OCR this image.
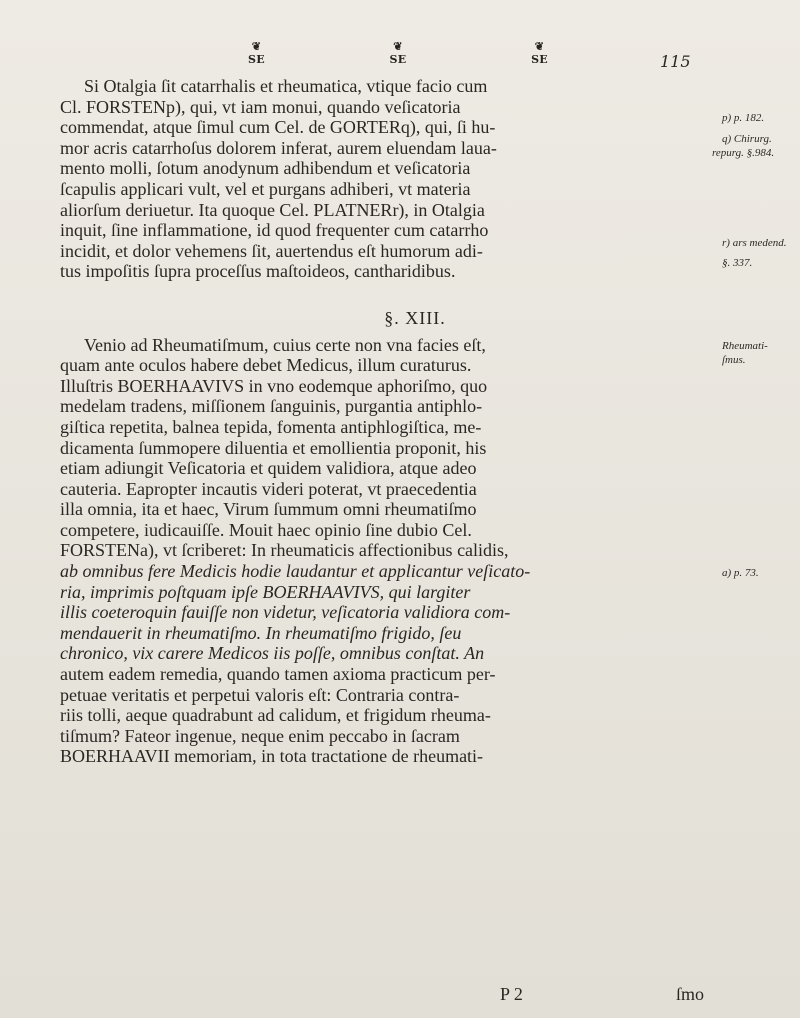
❦
SE
❦
SE
❦
SE	115
Si Otalgia ſit catarrhalis et rheumatica, vtique facio cum
Cl. FORSTENp), qui, vt iam monui, quando veſicatoria
commendat, atque ſimul cum Cel. de GORTERq), qui, ſi hu-
mor acris catarrhoſus dolorem inferat, aurem eluendam laua-
mento molli, ſotum anodynum adhibendum et veſicatoria
ſcapulis applicari vult, vel et purgans adhiberi, vt materia
aliorſum deriuetur. Ita quoque Cel. PLATNERr), in Otalgia
inquit, ſine inflammatione, id quod frequenter cum catarrho
incidit, et dolor vehemens ſit, auertendus eſt humorum adi-
tus impoſitis ſupra proceſſus maſtoideos, cantharidibus.
§. XIII.
Venio ad Rheumatiſmum, cuius certe non vna facies eſt,
quam ante oculos habere debet Medicus, illum curaturus.
Illuſtris BOERHAAVIVS in vno eodemque aphoriſmo, quo
medelam tradens, miſſionem ſanguinis, purgantia antiphlo-
giſtica repetita, balnea tepida, fomenta antiphlogiſtica, me-
dicamenta ſummopere diluentia et emollientia proponit, his
etiam adiungit Veſicatoria et quidem validiora, atque adeo
cauteria. Eapropter incautis videri poterat, vt praecedentia
illa omnia, ita et haec, Virum ſummum omni rheumatiſmo
competere, iudicauiſſe. Mouit haec opinio ſine dubio Cel.
FORSTENa), vt ſcriberet: In rheumaticis affectionibus calidis,
ab omnibus fere Medicis hodie laudantur et applicantur veſicato-
ria, imprimis poſtquam ipſe BOERHAAVIVS, qui largiter
illis coeteroquin fauiſſe non videtur, veſicatoria validiora com-
mendauerit in rheumatiſmo. In rheumatiſmo frigido, ſeu
chronico, vix carere Medicos iis poſſe, omnibus conſtat. An
autem eadem remedia, quando tamen axioma practicum per-
petuae veritatis et perpetui valoris eſt: Contraria contra-
riis tolli, aeque quadrabunt ad calidum, et frigidum rheuma-
tiſmum? Fateor ingenue, neque enim peccabo in ſacram
BOERHAAVII memoriam, in tota tractatione de rheumati-
p) p. 182.
q) Chirurg.
repurg. §.984.
r) ars medend.
§. 337.
Rheumati-
ſmus.
a) p. 73.
P 2	ſmo
